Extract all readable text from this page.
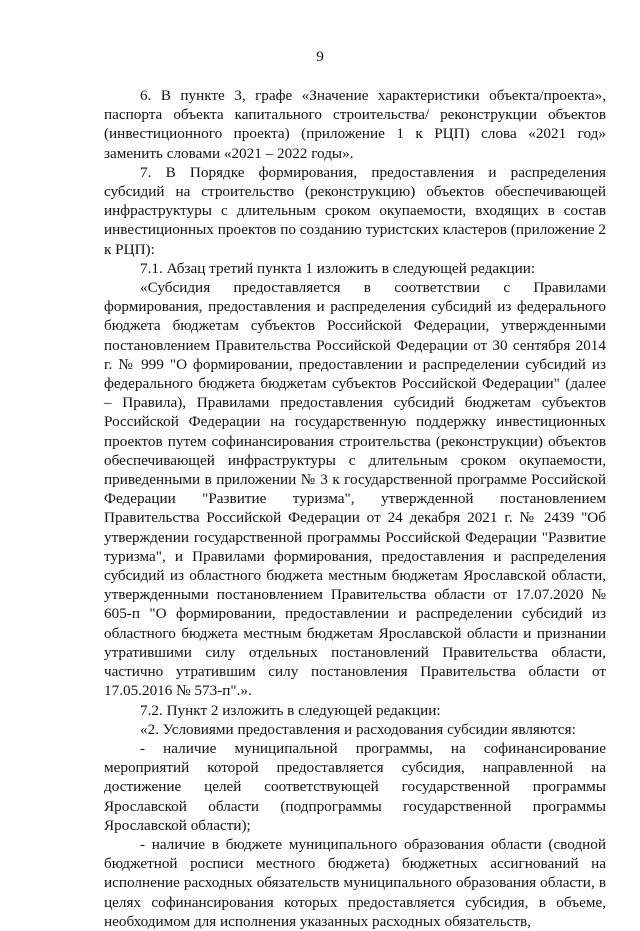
9

6. В пункте 3, графе «Значение характеристики объекта/проекта», паспорта объекта капитального строительства/ реконструкции объектов (инвестиционного проекта) (приложение 1 к РЦП) слова «2021 год» заменить словами «2021 – 2022 годы».

7. В Порядке формирования, предоставления и распределения субсидий на строительство (реконструкцию) объектов обеспечивающей инфраструктуры с длительным сроком окупаемости, входящих в состав инвестиционных проектов по созданию туристских кластеров (приложение 2 к РЦП):

7.1. Абзац третий пункта 1 изложить в следующей редакции:

«Субсидия предоставляется в соответствии с Правилами формирования, предоставления и распределения субсидий из федерального бюджета бюджетам субъектов Российской Федерации, утвержденными постановлением Правительства Российской Федерации от 30 сентября 2014 г. № 999 "О формировании, предоставлении и распределении субсидий из федерального бюджета бюджетам субъектов Российской Федерации" (далее – Правила), Правилами предоставления субсидий бюджетам субъектов Российской Федерации на государственную поддержку инвестиционных проектов путем софинансирования строительства (реконструкции) объектов обеспечивающей инфраструктуры с длительным сроком окупаемости, приведенными в приложении № 3 к государственной программе Российской Федерации "Развитие туризма", утвержденной постановлением Правительства Российской Федерации от 24 декабря 2021 г. № 2439 "Об утверждении государственной программы Российской Федерации "Развитие туризма", и Правилами формирования, предоставления и распределения субсидий из областного бюджета местным бюджетам Ярославской области, утвержденными постановлением Правительства области от 17.07.2020 № 605-п "О формировании, предоставлении и распределении субсидий из областного бюджета местным бюджетам Ярославской области и признании утратившими силу отдельных постановлений Правительства области, частично утратившим силу постановления Правительства области от 17.05.2016 № 573-п".».

7.2. Пункт 2 изложить в следующей редакции:

«2. Условиями предоставления и расходования субсидии являются:

- наличие муниципальной программы, на софинансирование мероприятий которой предоставляется субсидия, направленной на достижение целей соответствующей государственной программы Ярославской области (подпрограммы государственной программы Ярославской области);

- наличие в бюджете муниципального образования области (сводной бюджетной росписи местного бюджета) бюджетных ассигнований на исполнение расходных обязательств муниципального образования области, в целях софинансирования которых предоставляется субсидия, в объеме, необходимом для исполнения указанных расходных обязательств,
